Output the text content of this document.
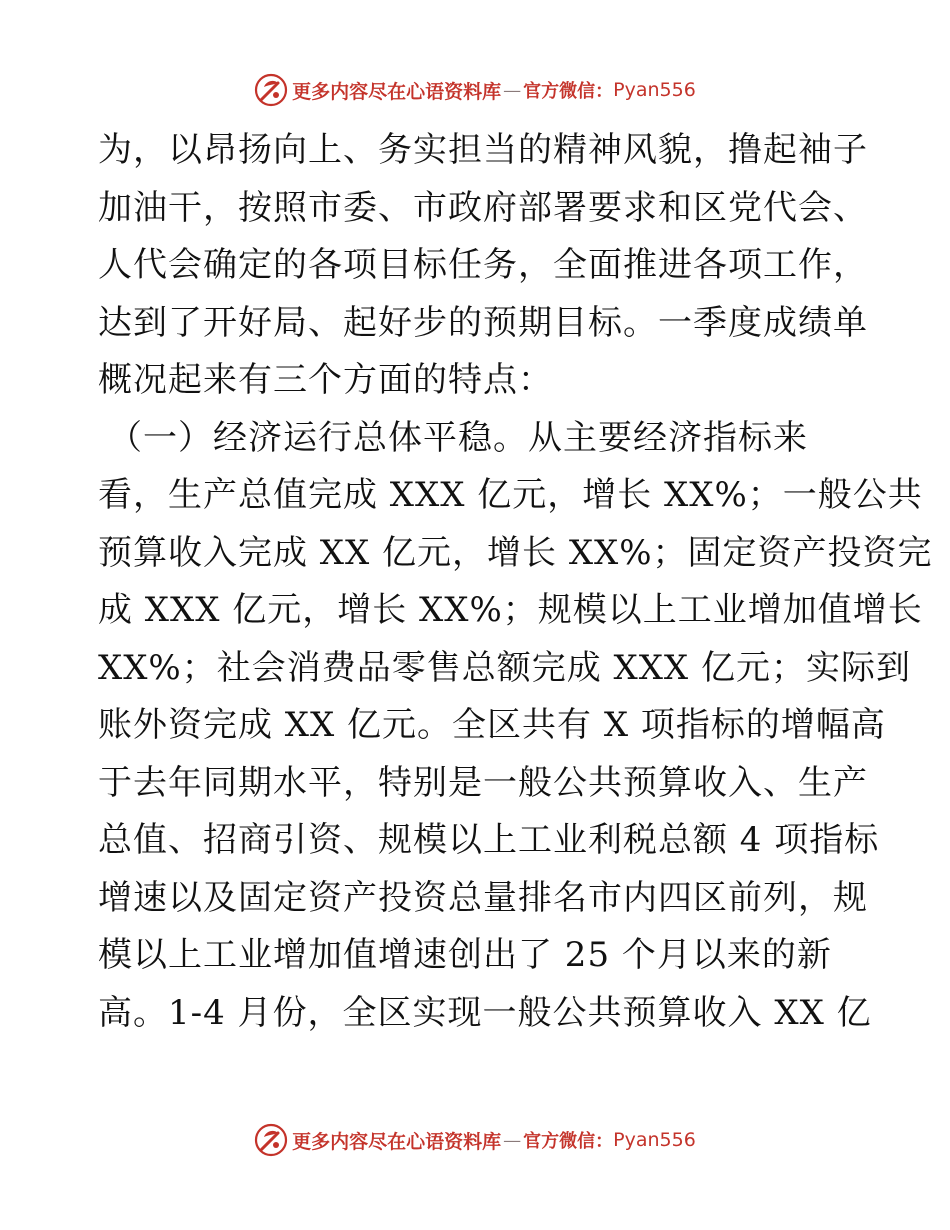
更多内容尽在心语资料库 — 官方微信： Pyan556
为，以昂扬向上、务实担当的精神风貌，撸起袖子
加油干，按照市委、市政府部署要求和区党代会、
人代会确定的各项目标任务，全面推进各项工作，
达到了开好局、起好步的预期目标。一季度成绩单
概况起来有三个方面的特点：
（一）经济运行总体平稳。从主要经济指标来
看，生产总值完成 XXX 亿元，增长 XX%；一般公共
预算收入完成 XX 亿元，增长 XX%；固定资产投资完
成 XXX 亿元，增长 XX%；规模以上工业增加值增长
XX%；社会消费品零售总额完成 XXX 亿元；实际到
账外资完成 XX 亿元。全区共有 X 项指标的增幅高
于去年同期水平，特别是一般公共预算收入、生产
总值、招商引资、规模以上工业利税总额 4 项指标
增速以及固定资产投资总量排名市内四区前列，规
模以上工业增加值增速创出了 25 个月以来的新
高。1-4 月份，全区实现一般公共预算收入 XX 亿
更多内容尽在心语资料库 — 官方微信： Pyan556
